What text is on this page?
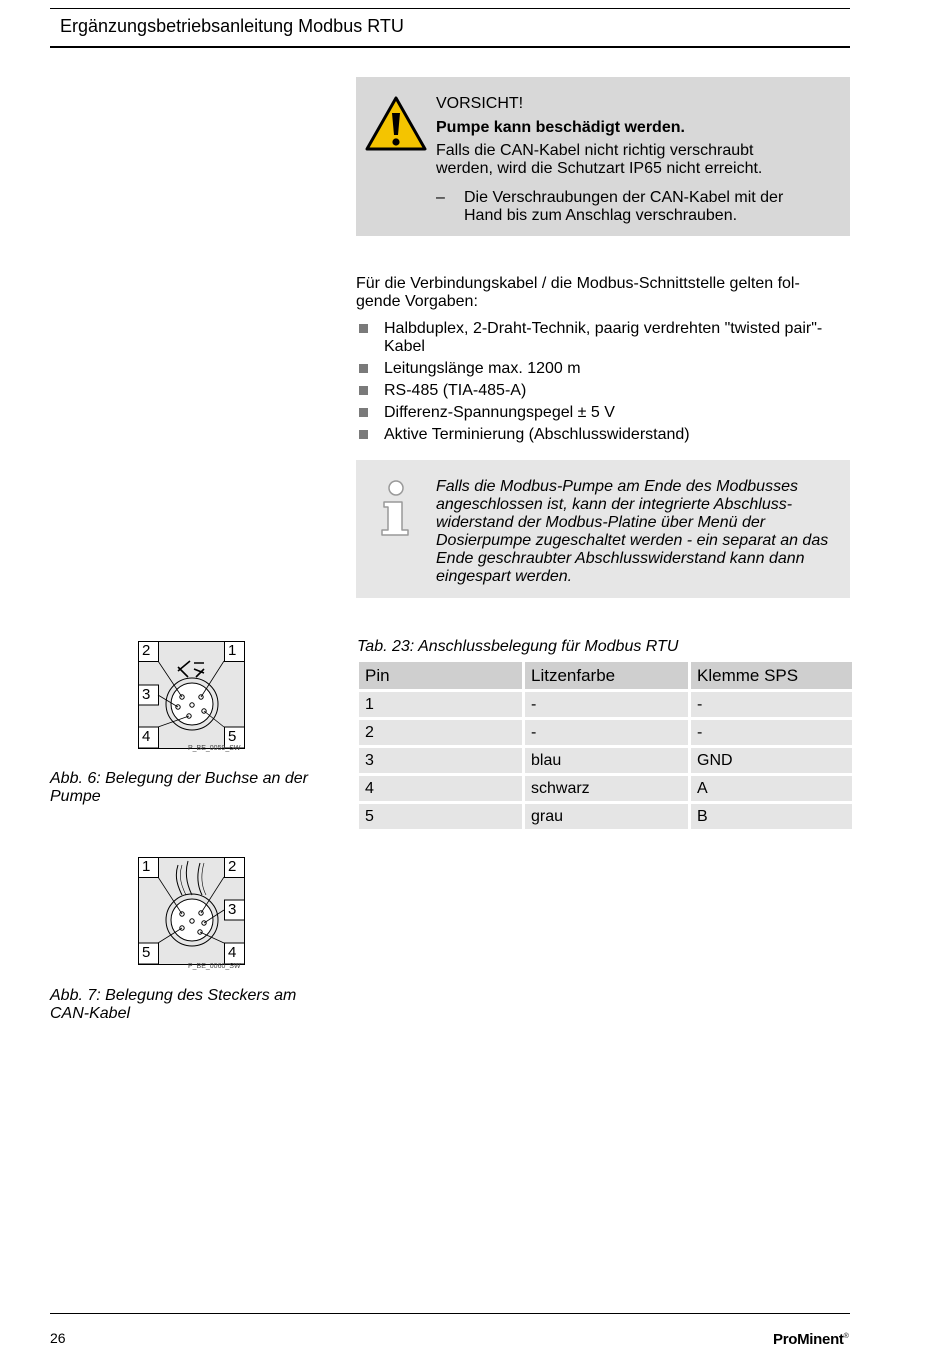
Ergänzungsbetriebsanleitung Modbus RTU
VORSICHT!
Pumpe kann beschädigt werden.
Falls die CAN-Kabel nicht richtig verschraubt werden, wird die Schutzart IP65 nicht erreicht.
– Die Verschraubungen der CAN-Kabel mit der Hand bis zum Anschlag verschrauben.
Für die Verbindungskabel / die Modbus-Schnittstelle gelten folgende Vorgaben:
Halbduplex, 2-Draht-Technik, paarig verdrehten "twisted pair"-Kabel
Leitungslänge max. 1200 m
RS-485 (TIA-485-A)
Differenz-Spannungspegel ± 5 V
Aktive Terminierung (Abschlusswiderstand)
Falls die Modbus-Pumpe am Ende des Modbusses angeschlossen ist, kann der integrierte Abschlusswiderstand der Modbus-Platine über Menü der Dosierpumpe zugeschaltet werden - ein separat an das Ende geschraubter Abschlusswiderstand kann dann eingespart werden.
2	1
3
4	5
P_BE_0059_SW
Abb. 6: Belegung der Buchse an der Pumpe
1	2
3
5	4
P_BE_0060_SW
Abb. 7: Belegung des Steckers am CAN-Kabel
Tab. 23: Anschlussbelegung für Modbus RTU
Pin	Litzenfarbe	Klemme SPS
1	-	-
2	-	-
3	blau	GND
4	schwarz	A
5	grau	B
26	ProMinent®
